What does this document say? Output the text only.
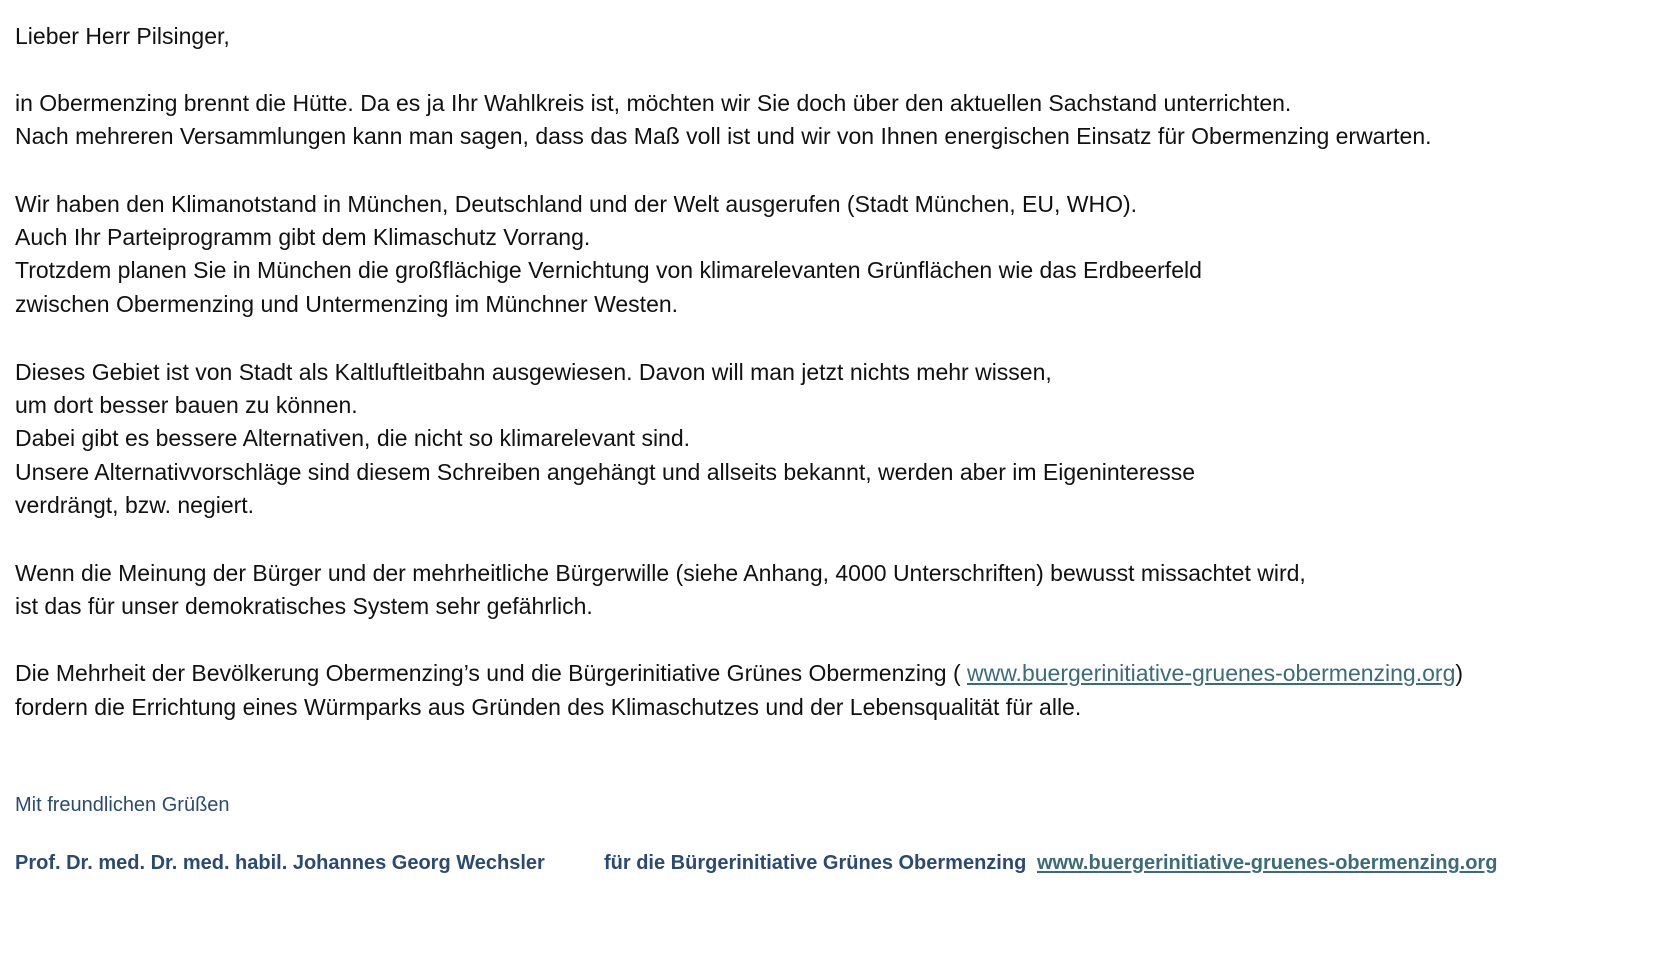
Lieber Herr Pilsinger,
in Obermenzing brennt die Hütte. Da es ja Ihr Wahlkreis ist, möchten wir Sie doch über den aktuellen Sachstand unterrichten.
Nach mehreren Versammlungen kann man sagen, dass das Maß voll ist und wir von Ihnen energischen Einsatz für Obermenzing erwarten.
Wir haben den Klimanotstand in München, Deutschland und der Welt ausgerufen (Stadt München, EU, WHO).
Auch Ihr Parteiprogramm gibt dem Klimaschutz Vorrang.
Trotzdem planen Sie in München die großflächige Vernichtung von klimarelevanten Grünflächen wie das Erdbeerfeld
zwischen Obermenzing und Untermenzing im Münchner Westen.
Dieses Gebiet ist von Stadt als Kaltluftleitbahn ausgewiesen. Davon will man jetzt nichts mehr wissen,
um dort besser bauen zu können.
Dabei gibt es bessere Alternativen, die nicht so klimarelevant sind.
Unsere Alternativvorschläge sind diesem Schreiben angehängt und allseits bekannt, werden aber im Eigeninteresse
verdrängt, bzw. negiert.
Wenn die Meinung der Bürger und der mehrheitliche Bürgerwille (siehe Anhang, 4000 Unterschriften) bewusst missachtet wird,
ist das für unser demokratisches System sehr gefährlich.
Die Mehrheit der Bevölkerung Obermenzing’s und die Bürgerinitiative Grünes Obermenzing ( www.buergerinitiative-gruenes-obermenzing.org)
fordern die Errichtung eines Würmparks aus Gründen des Klimaschutzes und der Lebensqualität für alle.
Mit freundlichen Grüßen
Prof. Dr. med. Dr. med. habil. Johannes Georg Wechsler	für die Bürgerinitiative Grünes Obermenzing www.buergerinitiative-gruenes-obermenzing.org
